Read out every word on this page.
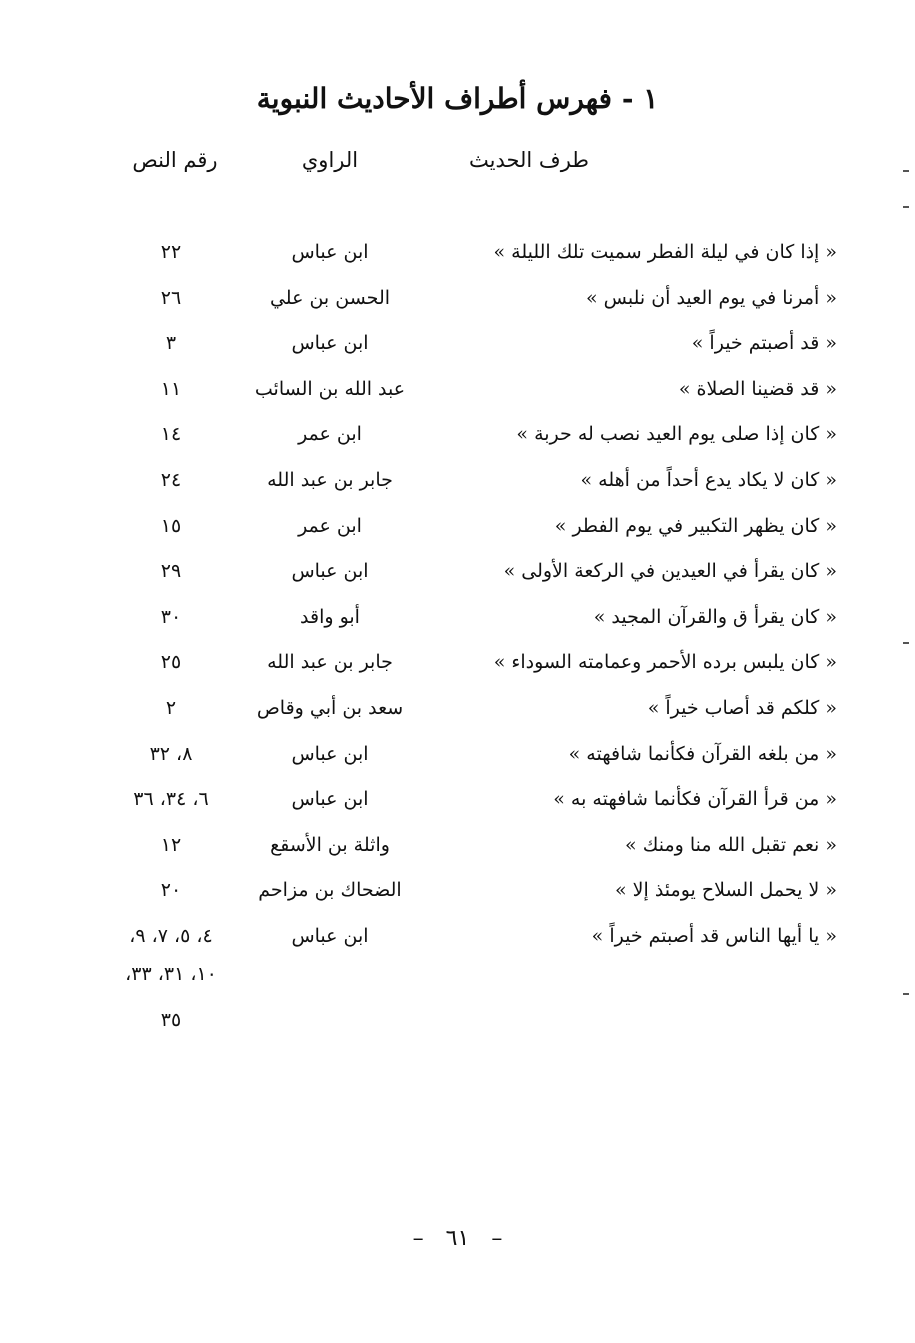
١ - فهرس أطراف الأحاديث النبوية
طرف الحديث
الراوي
رقم النص
« إذا كان في ليلة الفطر سميت تلك الليلة »
ابن عباس
٢٢
« أمرنا في يوم العيد أن نلبس »
الحسن بن علي
٢٦
« قد أصبتم خيراً »
ابن عباس
٣
« قد قضينا الصلاة »
عبد الله بن السائب
١١
« كان إذا صلى يوم العيد نصب له حربة »
ابن عمر
١٤
« كان لا يكاد يدع أحداً من أهله »
جابر بن عبد الله
٢٤
« كان يظهر التكبير في يوم الفطر »
ابن عمر
١٥
« كان يقرأ في العيدين في الركعة الأولى »
ابن عباس
٢٩
« كان يقرأ ق والقرآن المجيد »
أبو واقد
٣٠
« كان يلبس برده الأحمر وعمامته السوداء »
جابر بن عبد الله
٢٥
« كلكم قد أصاب خيراً »
سعد بن أبي وقاص
٢
« من بلغه القرآن فكأنما شافهته »
ابن عباس
٨، ٣٢
« من قرأ القرآن فكأنما شافهته به »
ابن عباس
٦، ٣٤، ٣٦
« نعم تقبل الله منا ومنك »
واثلة بن الأسقع
١٢
« لا يحمل السلاح يومئذ إلا »
الضحاك بن مزاحم
٢٠
« يا أيها الناس قد أصبتم خيراً »
ابن عباس
٤، ٥، ٧، ٩،
١٠، ٣١، ٣٣،
٣٥
–٦١–
